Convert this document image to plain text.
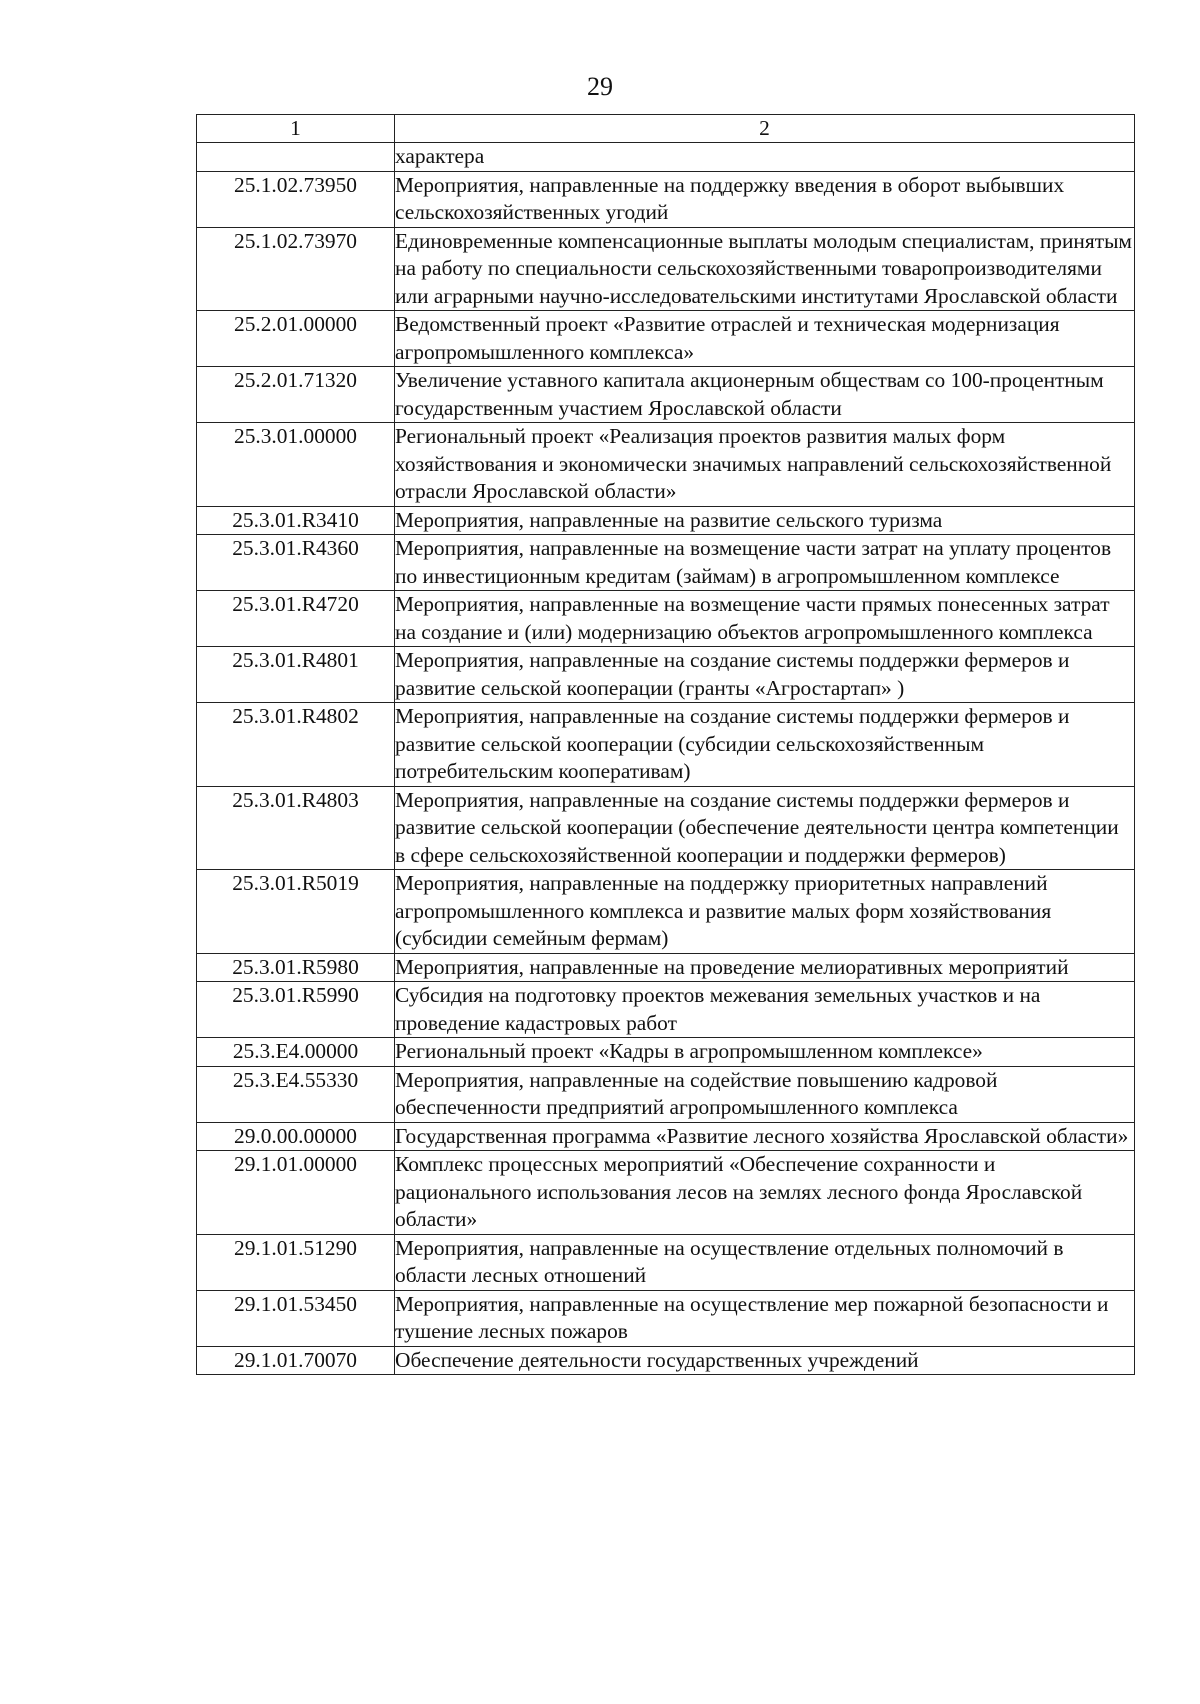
29
1	2
	характера
25.1.02.73950	Мероприятия, направленные на поддержку введения в оборот выбывших сельскохозяйственных угодий
25.1.02.73970	Единовременные компенсационные выплаты молодым специалистам, принятым на работу по специальности сельскохозяйственными товаропроизводителями или аграрными научно-исследовательскими институтами Ярославской области
25.2.01.00000	Ведомственный проект «Развитие отраслей и техническая модернизация агропромышленного комплекса»
25.2.01.71320	Увеличение уставного капитала акционерным обществам со 100-процентным государственным участием Ярославской области
25.3.01.00000	Региональный проект «Реализация проектов развития малых форм хозяйствования и экономически значимых направлений сельскохозяйственной отрасли Ярославской области»
25.3.01.R3410	Мероприятия, направленные на развитие сельского туризма
25.3.01.R4360	Мероприятия, направленные на возмещение части затрат на уплату процентов по инвестиционным кредитам (займам) в агропромышленном комплексе
25.3.01.R4720	Мероприятия, направленные на возмещение части прямых понесенных затрат на создание и (или) модернизацию объектов агропромышленного комплекса
25.3.01.R4801	Мероприятия, направленные на создание системы поддержки фермеров и развитие сельской кооперации (гранты «Агростартап» )
25.3.01.R4802	Мероприятия, направленные на создание системы поддержки фермеров и развитие сельской кооперации (субсидии сельскохозяйственным потребительским кооперативам)
25.3.01.R4803	Мероприятия, направленные на создание системы поддержки фермеров и развитие сельской кооперации (обеспечение деятельности центра компетенции в сфере сельскохозяйственной кооперации и поддержки фермеров)
25.3.01.R5019	Мероприятия, направленные на поддержку приоритетных направлений агропромышленного комплекса и развитие малых форм хозяйствования (субсидии семейным фермам)
25.3.01.R5980	Мероприятия, направленные на проведение мелиоративных мероприятий
25.3.01.R5990	Субсидия на подготовку проектов межевания земельных участков и на проведение кадастровых работ
25.3.E4.00000	Региональный проект «Кадры в агропромышленном комплексе»
25.3.E4.55330	Мероприятия, направленные на содействие повышению кадровой обеспеченности предприятий агропромышленного комплекса
29.0.00.00000	Государственная программа «Развитие лесного хозяйства Ярославской области»
29.1.01.00000	Комплекс процессных мероприятий «Обеспечение сохранности и рационального использования лесов на землях лесного фонда Ярославской области»
29.1.01.51290	Мероприятия, направленные на осуществление отдельных полномочий в области лесных отношений
29.1.01.53450	Мероприятия, направленные на осуществление мер пожарной безопасности и тушение лесных пожаров
29.1.01.70070	Обеспечение деятельности государственных учреждений
